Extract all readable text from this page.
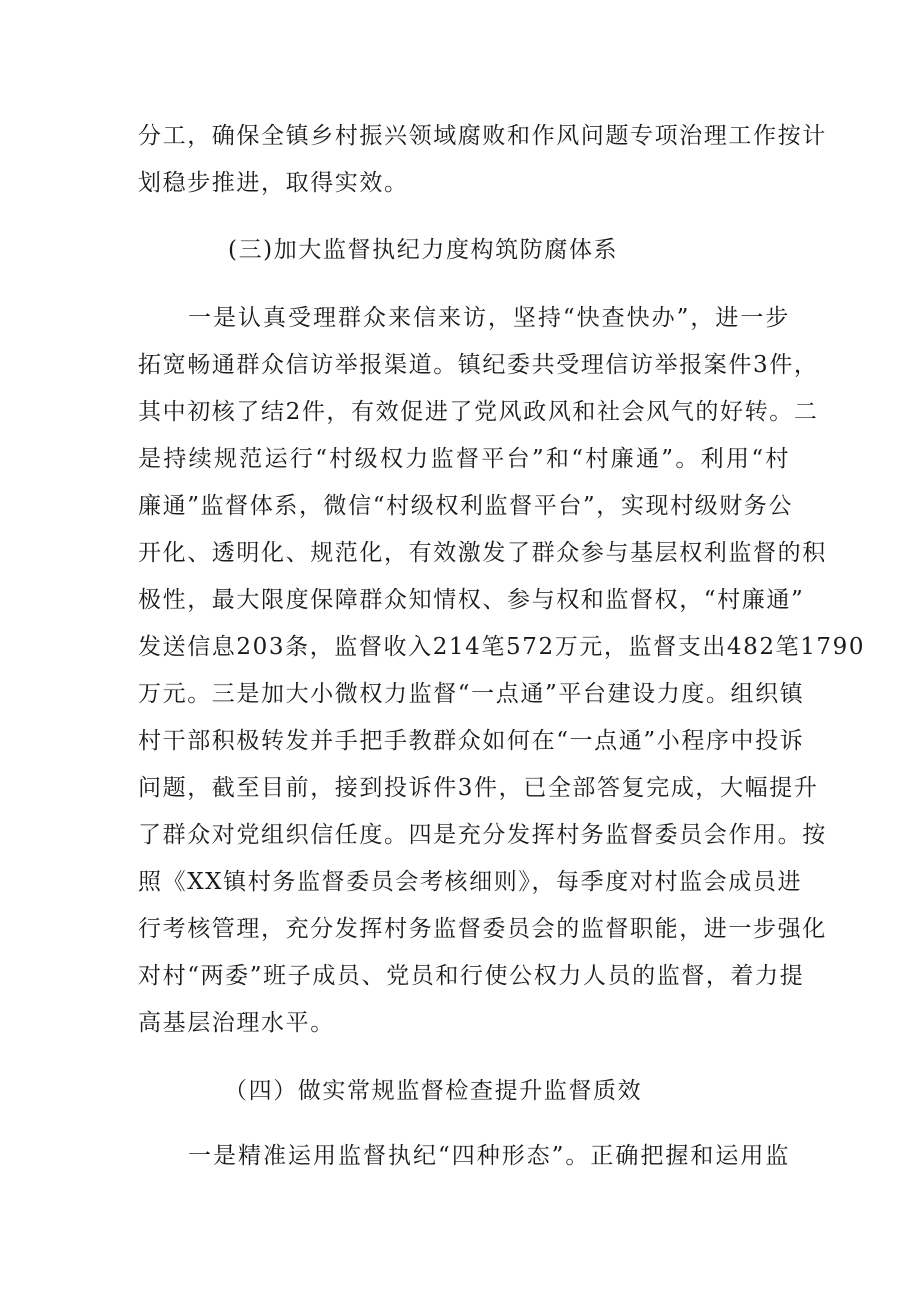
分工，确保全镇乡村振兴领域腐败和作风问题专项治理工作按计
划稳步推进，取得实效。
(三)加大监督执纪力度构筑防腐体系
　　一是认真受理群众来信来访，坚持“快查快办”，进一步
拓宽畅通群众信访举报渠道。镇纪委共受理信访举报案件3件，
其中初核了结2件，有效促进了党风政风和社会风气的好转。二
是持续规范运行“村级权力监督平台”和“村廉通”。利用“村
廉通”监督体系，微信“村级权利监督平台”，实现村级财务公
开化、透明化、规范化，有效激发了群众参与基层权利监督的积
极性，最大限度保障群众知情权、参与权和监督权，“村廉通”
发送信息203条，监督收入214笔572万元，监督支出482笔1790
万元。三是加大小微权力监督“一点通”平台建设力度。组织镇
村干部积极转发并手把手教群众如何在“一点通”小程序中投诉
问题，截至目前，接到投诉件3件，已全部答复完成，大幅提升
了群众对党组织信任度。四是充分发挥村务监督委员会作用。按
照《XX镇村务监督委员会考核细则》，每季度对村监会成员进
行考核管理，充分发挥村务监督委员会的监督职能，进一步强化
对村“两委”班子成员、党员和行使公权力人员的监督，着力提
高基层治理水平。
（四）做实常规监督检查提升监督质效
　　一是精准运用监督执纪“四种形态”。正确把握和运用监
